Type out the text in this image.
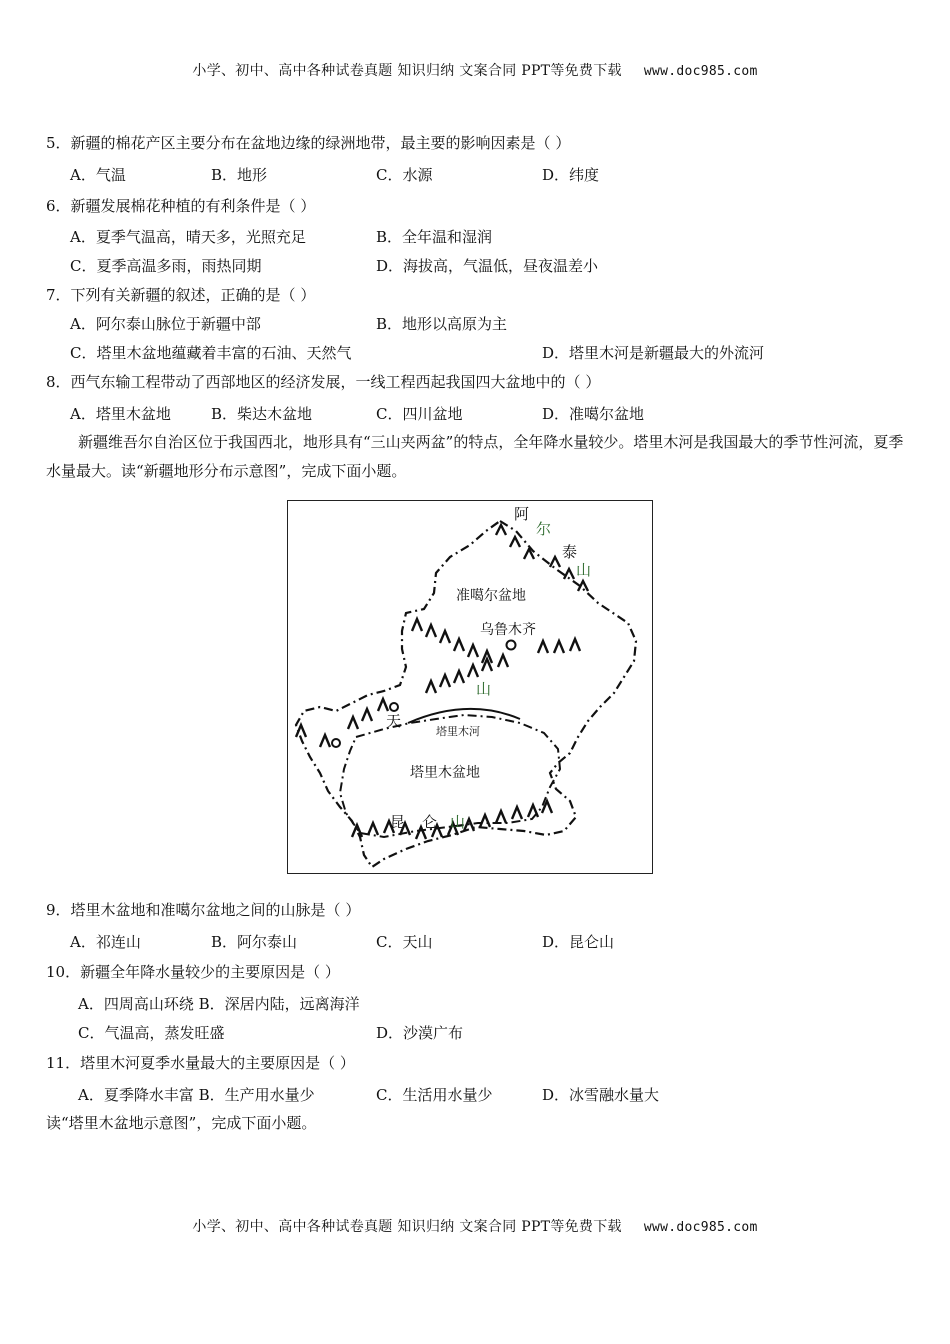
小学、初中、高中各种试卷真题 知识归纳 文案合同 PPT等免费下载 www.doc985.com
5．新疆的棉花产区主要分布在盆地边缘的绿洲地带，最主要的影响因素是（ ）
A．气温	B．地形	C．水源	D．纬度
6．新疆发展棉花种植的有利条件是（ ）
A．夏季气温高，晴天多，光照充足	B．全年温和湿润
C．夏季高温多雨，雨热同期	D．海拔高，气温低，昼夜温差小
7．下列有关新疆的叙述，正确的是（ ）
A．阿尔泰山脉位于新疆中部	B．地形以高原为主
C．塔里木盆地蕴藏着丰富的石油、天然气	D．塔里木河是新疆最大的外流河
8．西气东输工程带动了西部地区的经济发展，一线工程西起我国四大盆地中的（ ）
A．塔里木盆地	B．柴达木盆地	C．四川盆地	D．准噶尔盆地
新疆维吾尔自治区位于我国西北，地形具有“三山夹两盆”的特点，全年降水量较少。塔里木河是我国最大的季节性河流，夏季水量最大。读“新疆地形分布示意图”，完成下面小题。
阿
尔
泰
山
准噶尔盆地
乌鲁木齐
山
天
塔里木河
塔里木盆地
昆 仑 山
9．塔里木盆地和准噶尔盆地之间的山脉是（ ）
A．祁连山	B．阿尔泰山	C．天山	D．昆仑山
10．新疆全年降水量较少的主要原因是（ ）
A．四周高山环绕 B．深居内陆，远离海洋
C．气温高，蒸发旺盛	D．沙漠广布
11．塔里木河夏季水量最大的主要原因是（ ）
A．夏季降水丰富 B．生产用水量少	C．生活用水量少	D．冰雪融水量大
读“塔里木盆地示意图”，完成下面小题。
小学、初中、高中各种试卷真题 知识归纳 文案合同 PPT等免费下载 www.doc985.com
